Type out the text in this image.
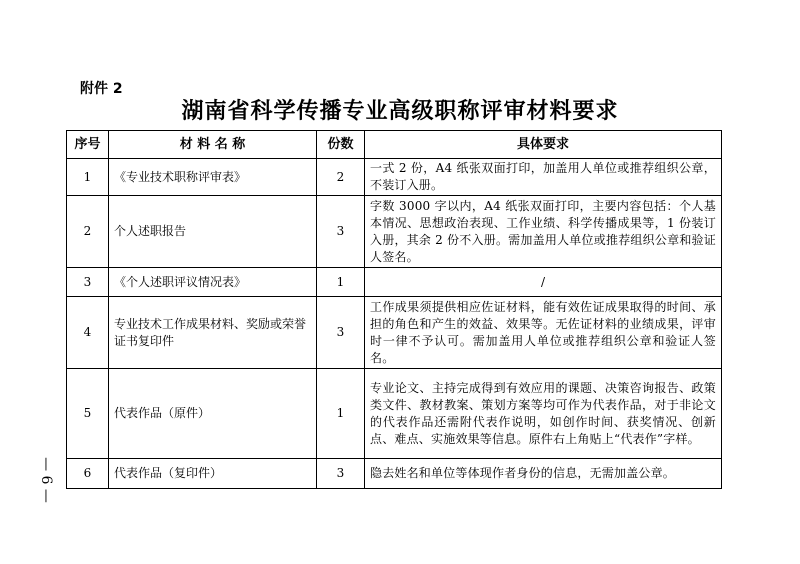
附件 2
湖南省科学传播专业高级职称评审材料要求
序号	材 料 名 称	份数	具体要求
1	《专业技术职称评审表》	2	一式 2 份，A4 纸张双面打印，加盖用人单位或推荐组织公章，不装订入册。
2	个人述职报告	3	字数 3000 字以内，A4 纸张双面打印，主要内容包括：个人基本情况、思想政治表现、工作业绩、科学传播成果等，1 份装订入册，其余 2 份不入册。需加盖用人单位或推荐组织公章和验证人签名。
3	《个人述职评议情况表》	1	/
4	专业技术工作成果材料、奖励或荣誉证书复印件	3	工作成果须提供相应佐证材料，能有效佐证成果取得的时间、承担的角色和产生的效益、效果等。无佐证材料的业绩成果，评审时一律不予认可。需加盖用人单位或推荐组织公章和验证人签名。
5	代表作品（原件）	1	专业论文、主持完成得到有效应用的课题、决策咨询报告、政策类文件、教材教案、策划方案等均可作为代表作品，对于非论文的代表作品还需附代表作说明，如创作时间、获奖情况、创新点、难点、实施效果等信息。原件右上角贴上“代表作”字样。
6	代表作品（复印件）	3	隐去姓名和单位等体现作者身份的信息，无需加盖公章。
— 6 —
